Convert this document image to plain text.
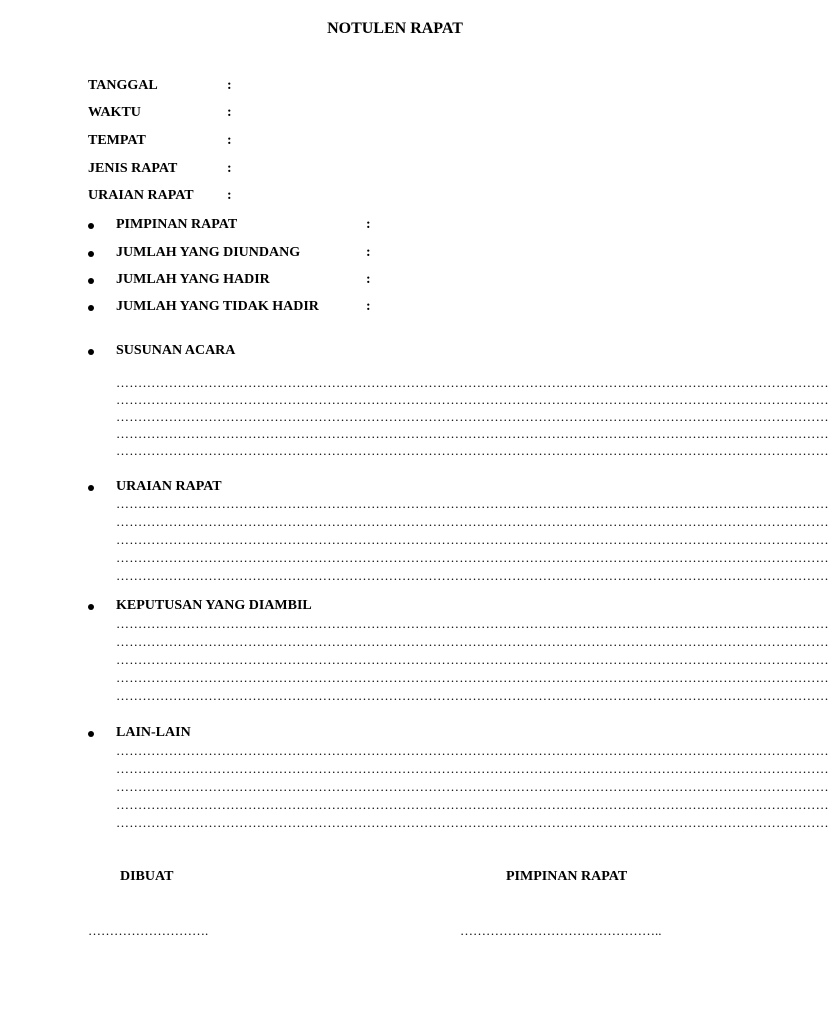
NOTULEN RAPAT
TANGGAL	:
WAKTU	:
TEMPAT	:
JENIS RAPAT	:
URAIAN RAPAT :
PIMPINAN RAPAT	:
JUMLAH YANG DIUNDANG	:
JUMLAH YANG HADIR	:
JUMLAH YANG TIDAK HADIR	:
SUSUNAN ACARA
………………………………………………………………………………………………………………………………………………
………………………………………………………………………………………………………………………………………………
………………………………………………………………………………………………………………………………………………
………………………………………………………………………………………………………………………………………………
………………………………………………………………………………………………………………………………………………
URAIAN RAPAT
………………………………………………………………………………………………………………………………………………
………………………………………………………………………………………………………………………………………………
………………………………………………………………………………………………………………………………………………
………………………………………………………………………………………………………………………………………………
………………………………………………………………………………………………………………………………………………
KEPUTUSAN YANG DIAMBIL
………………………………………………………………………………………………………………………………………………
………………………………………………………………………………………………………………………………………………
………………………………………………………………………………………………………………………………………………
………………………………………………………………………………………………………………………………………………
………………………………………………………………………………………………………………………………………………
LAIN-LAIN
………………………………………………………………………………………………………………………………………………
………………………………………………………………………………………………………………………………………………
………………………………………………………………………………………………………………………………………………
………………………………………………………………………………………………………………………………………………
………………………………………………………………………………………………………………………………………………
DIBUAT	PIMPINAN RAPAT
……………………….	………………………………………..
